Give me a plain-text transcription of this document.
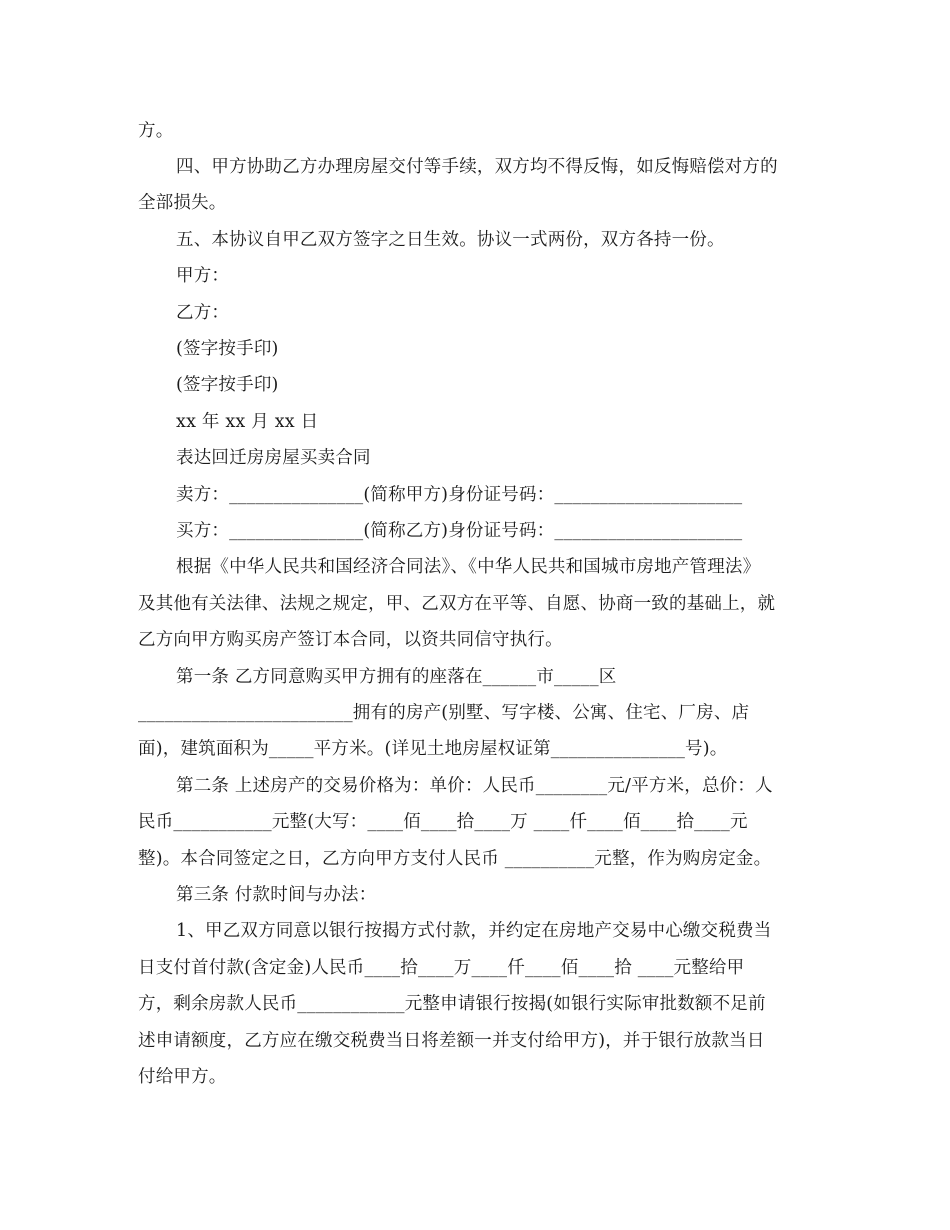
方。
四、甲方协助乙方办理房屋交付等手续，双方均不得反悔，如反悔赔偿对方的
全部损失。
五、本协议自甲乙双方签字之日生效。协议一式两份，双方各持一份。
甲方：
乙方：
(签字按手印)
(签字按手印)
xx 年 xx 月 xx 日
表达回迁房房屋买卖合同
卖方：_______________(简称甲方)身份证号码：_____________________
买方：_______________(简称乙方)身份证号码：_____________________
根据《中华人民共和国经济合同法》、《中华人民共和国城市房地产管理法》
及其他有关法律、法规之规定，甲、乙双方在平等、自愿、协商一致的基础上，就
乙方向甲方购买房产签订本合同，以资共同信守执行。
第一条 乙方同意购买甲方拥有的座落在______市_____区
________________________拥有的房产(别墅、写字楼、公寓、住宅、厂房、店
面)，建筑面积为_____平方米。(详见土地房屋权证第_______________号)。
第二条 上述房产的交易价格为：单价：人民币________元/平方米，总价：人
民币___________元整(大写：____佰____拾____万 ____仟____佰____拾____元
整)。本合同签定之日，乙方向甲方支付人民币 __________元整，作为购房定金。
第三条 付款时间与办法：
1、甲乙双方同意以银行按揭方式付款，并约定在房地产交易中心缴交税费当
日支付首付款(含定金)人民币____拾____万____仟____佰____拾 ____元整给甲
方，剩余房款人民币____________元整申请银行按揭(如银行实际审批数额不足前
述申请额度，乙方应在缴交税费当日将差额一并支付给甲方)，并于银行放款当日
付给甲方。
